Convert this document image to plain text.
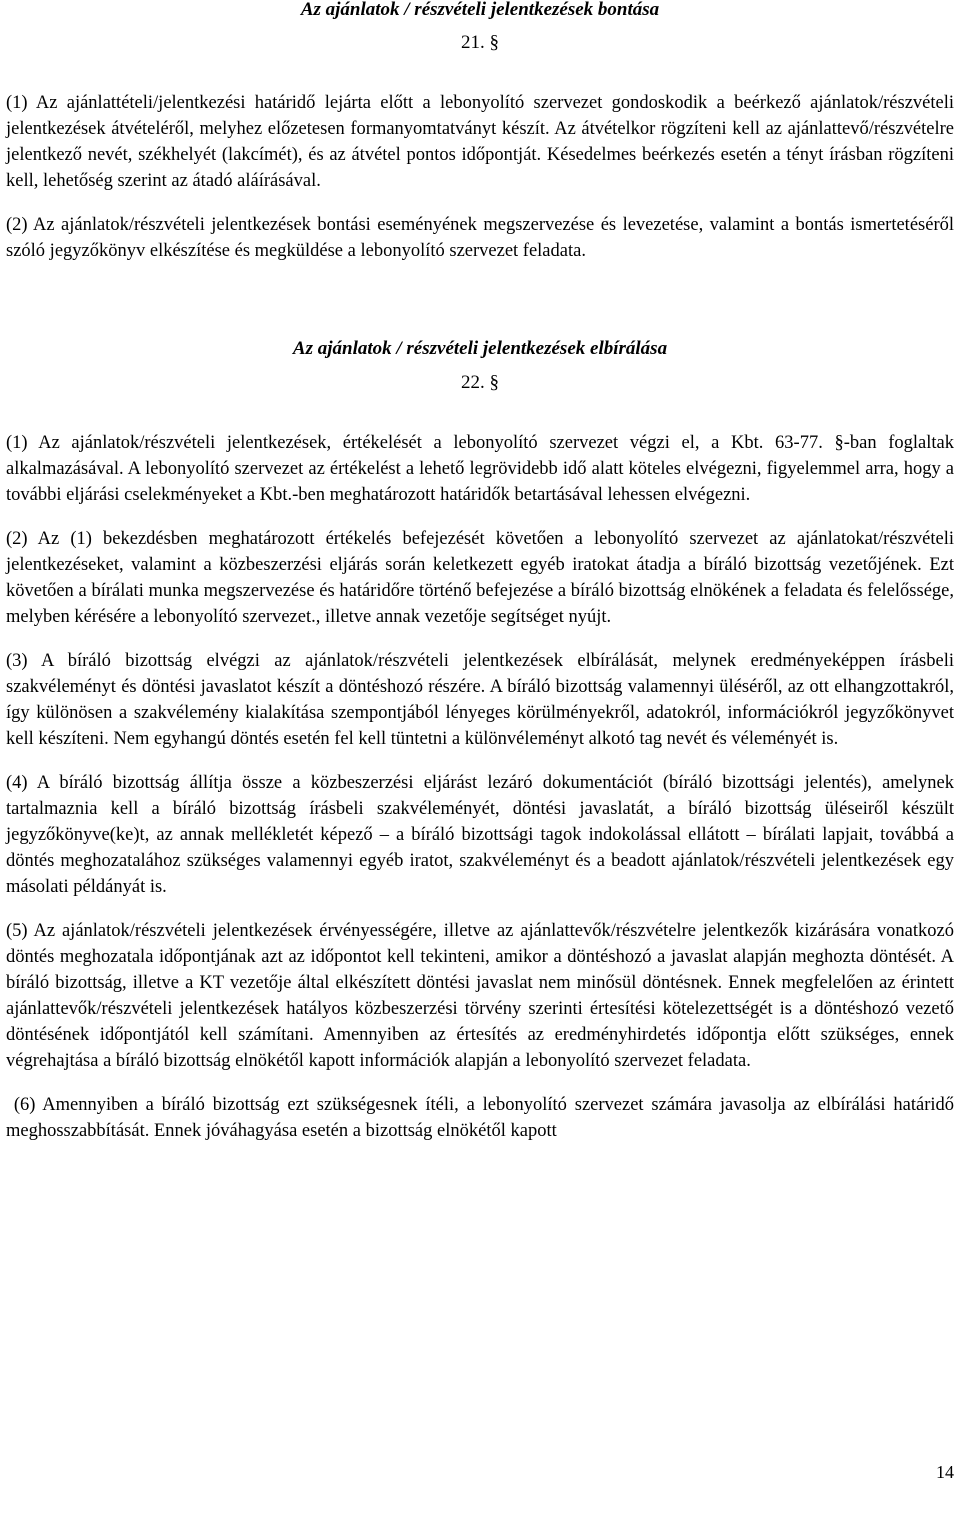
Az ajánlatok / részvételi jelentkezések bontása

21. §

(1) Az ajánlattételi/jelentkezési határidő lejárta előtt a lebonyolító szervezet gondoskodik a beérkező ajánlatok/részvételi jelentkezések átvételéről, melyhez előzetesen formanyomtatványt készít. Az átvételkor rögzíteni kell az ajánlattevő/részvételre jelentkező nevét, székhelyét (lakcímét), és az átvétel pontos időpontját. Késedelmes beérkezés esetén a tényt írásban rögzíteni kell, lehetőség szerint az átadó aláírásával.

(2) Az ajánlatok/részvételi jelentkezések bontási eseményének megszervezése és levezetése, valamint a bontás ismertetéséről szóló jegyzőkönyv elkészítése és megküldése a lebonyolító szervezet feladata.

Az ajánlatok / részvételi jelentkezések elbírálása

22. §

(1) Az ajánlatok/részvételi jelentkezések, értékelését a lebonyolító szervezet végzi el, a Kbt. 63-77. §-ban foglaltak alkalmazásával. A lebonyolító szervezet az értékelést a lehető legrövidebb idő alatt köteles elvégezni, figyelemmel arra, hogy a további eljárási cselekményeket a Kbt.-ben meghatározott határidők betartásával lehessen elvégezni.

(2) Az (1) bekezdésben meghatározott értékelés befejezését követően a lebonyolító szervezet az ajánlatokat/részvételi jelentkezéseket, valamint a közbeszerzési eljárás során keletkezett egyéb iratokat átadja a bíráló bizottság vezetőjének. Ezt követően a bírálati munka megszervezése és határidőre történő befejezése a bíráló bizottság elnökének a feladata és felelőssége, melyben kérésére a lebonyolító szervezet., illetve annak vezetője segítséget nyújt.

(3) A bíráló bizottság elvégzi az ajánlatok/részvételi jelentkezések elbírálását, melynek eredményeképpen írásbeli szakvéleményt és döntési javaslatot készít a döntéshozó részére. A bíráló bizottság valamennyi üléséről, az ott elhangzottakról, így különösen a szakvélemény kialakítása szempontjából lényeges körülményekről, adatokról, információkról jegyzőkönyvet kell készíteni. Nem egyhangú döntés esetén fel kell tüntetni a különvéleményt alkotó tag nevét és véleményét is.

(4) A bíráló bizottság állítja össze a közbeszerzési eljárást lezáró dokumentációt (bíráló bizottsági jelentés), amelynek tartalmaznia kell a bíráló bizottság írásbeli szakvéleményét, döntési javaslatát, a bíráló bizottság üléseiről készült jegyzőkönyve(ke)t, az annak mellékletét képező – a bíráló bizottsági tagok indokolással ellátott – bírálati lapjait, továbbá a döntés meghozatalához szükséges valamennyi egyéb iratot, szakvéleményt és a beadott ajánlatok/részvételi jelentkezések egy másolati példányát is.

(5) Az ajánlatok/részvételi jelentkezések érvényességére, illetve az ajánlattevők/részvételre jelentkezők kizárására vonatkozó döntés meghozatala időpontjának azt az időpontot kell tekinteni, amikor a döntéshozó a javaslat alapján meghozta döntését. A bíráló bizottság, illetve a KT vezetője által elkészített döntési javaslat nem minősül döntésnek. Ennek megfelelően az érintett ajánlattevők/részvételi jelentkezések hatályos közbeszerzési törvény szerinti értesítési kötelezettségét is a döntéshozó vezető döntésének időpontjától kell számítani. Amennyiben az értesítés az eredményhirdetés időpontja előtt szükséges, ennek végrehajtása a bíráló bizottság elnökétől kapott információk alapján a lebonyolító szervezet feladata.

(6) Amennyiben a bíráló bizottság ezt szükségesnek ítéli, a lebonyolító szervezet számára javasolja az elbírálási határidő meghosszabbítását. Ennek jóváhagyása esetén a bizottság elnökétől kapott

14
